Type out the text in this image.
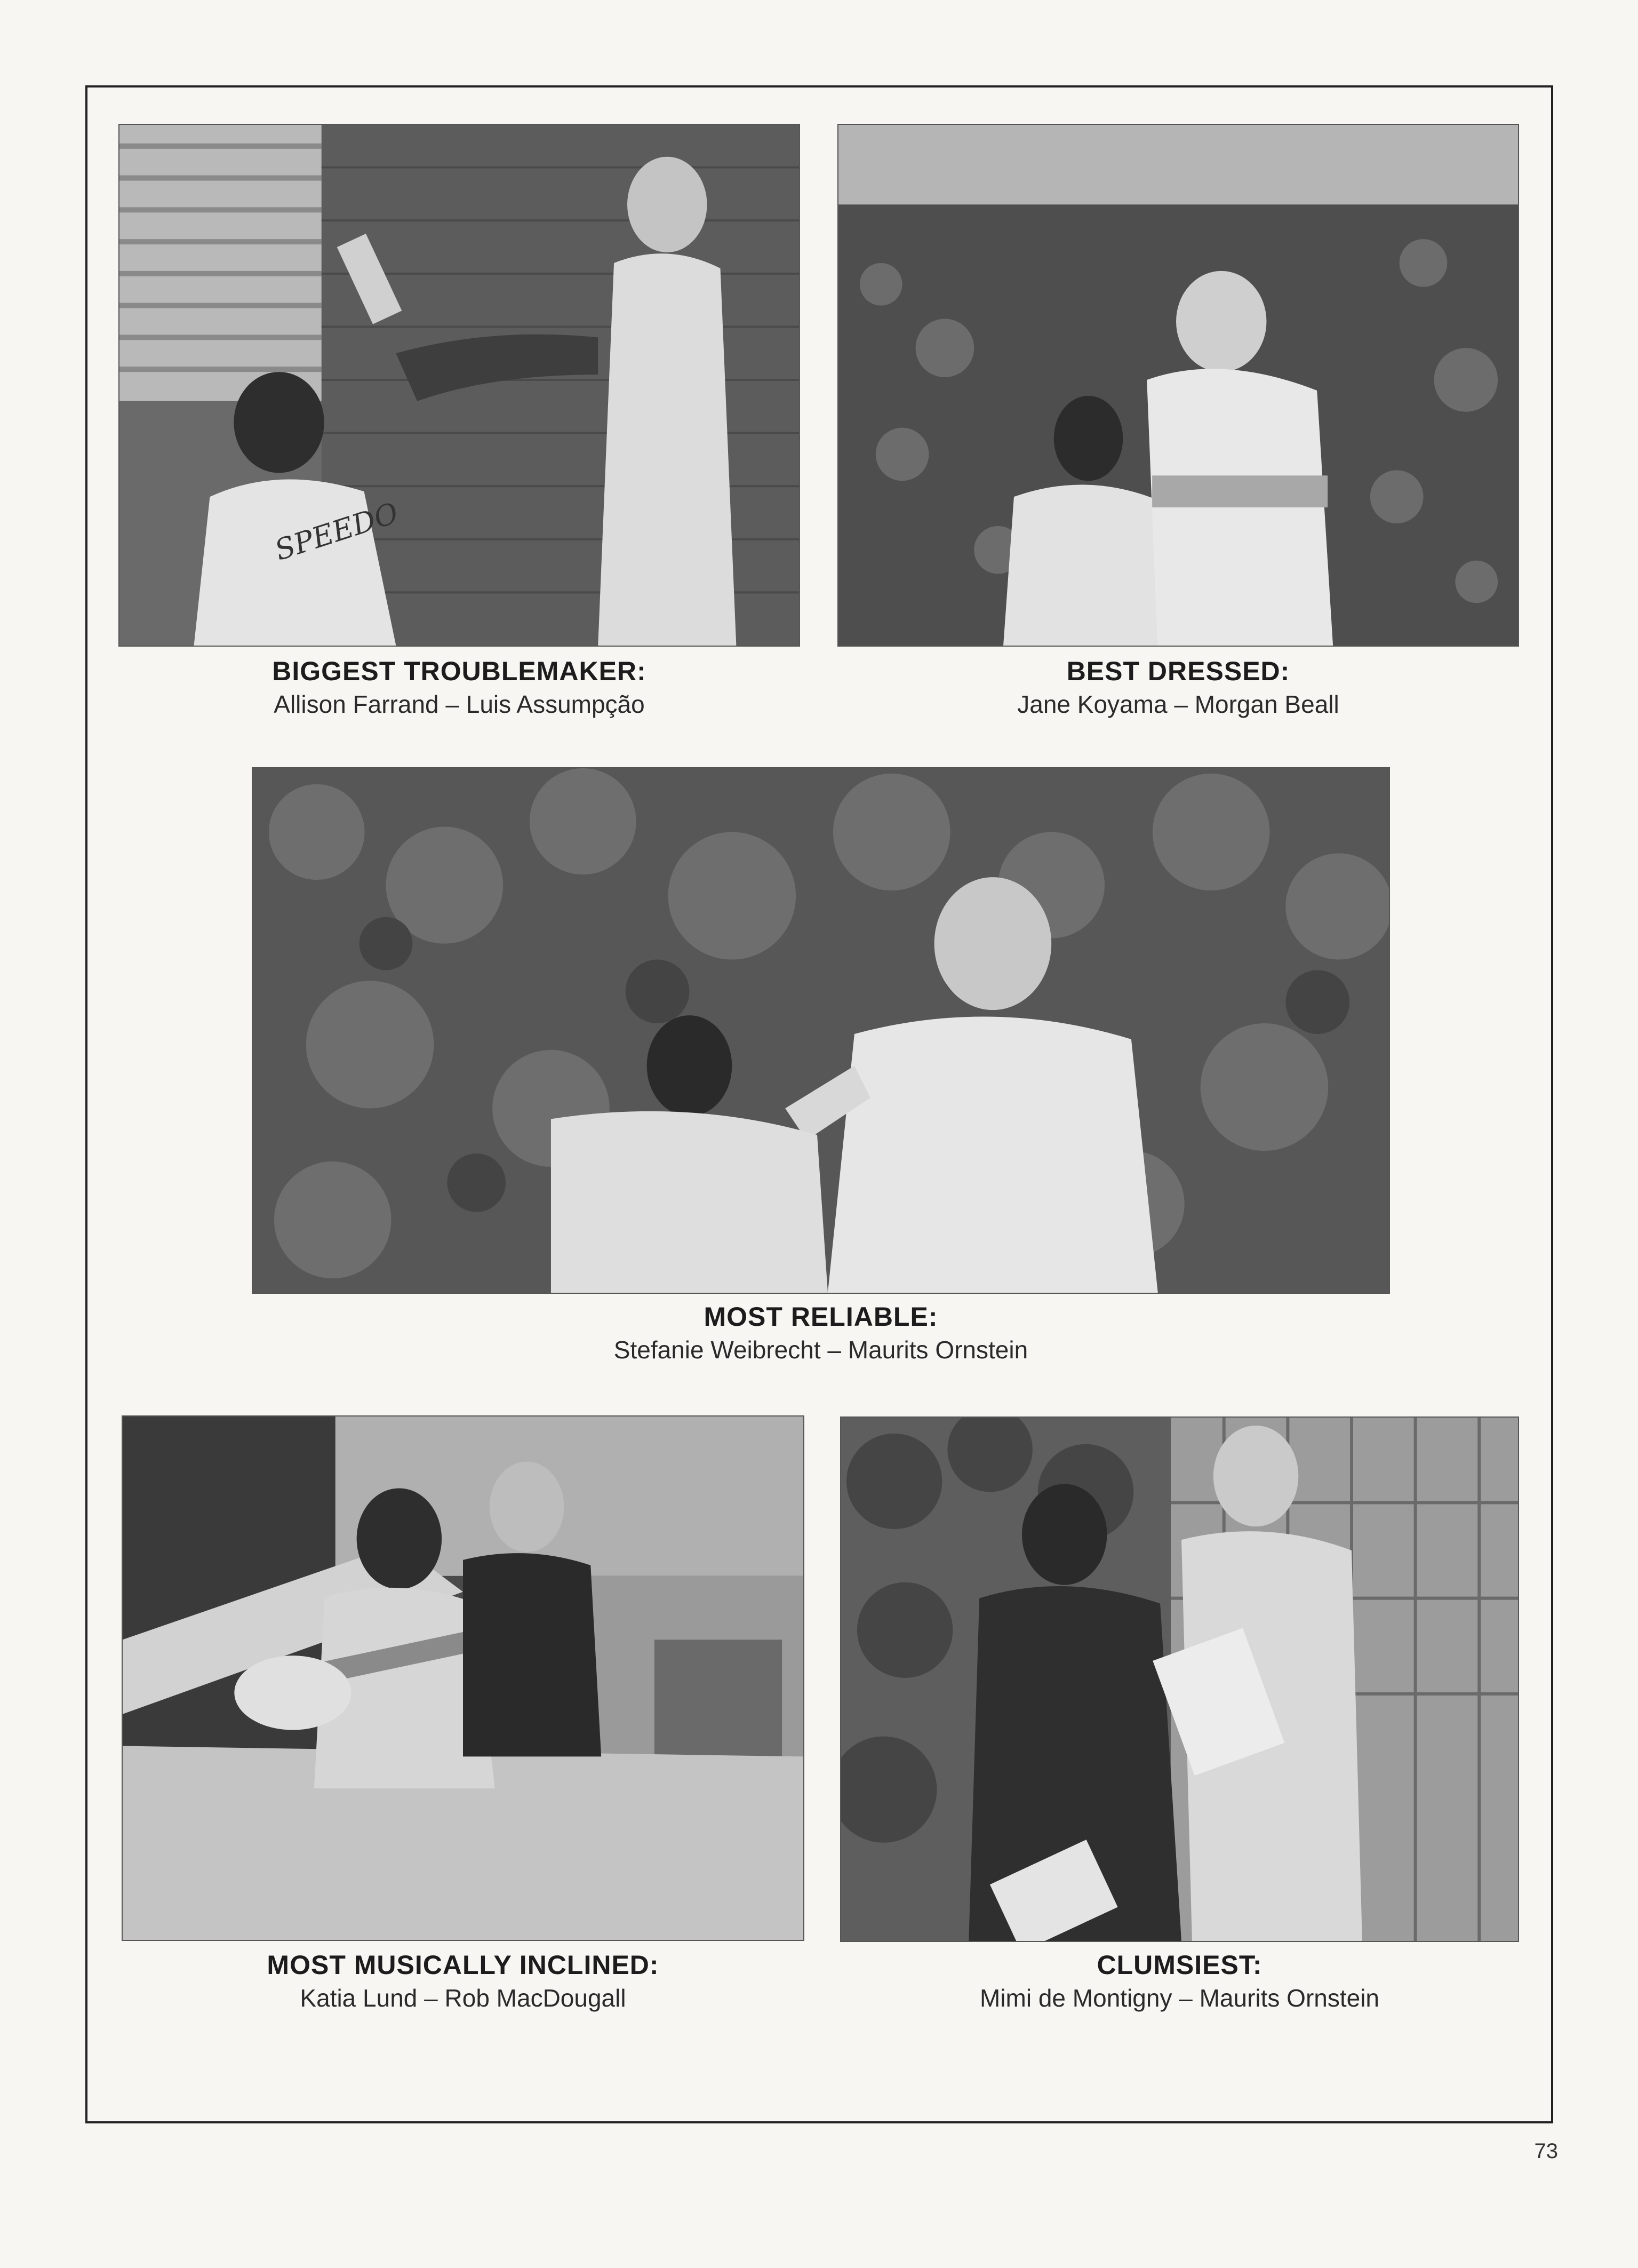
SPEEDO
BIGGEST TROUBLEMAKER:
Allison Farrand – Luis Assumpção
BEST DRESSED:
Jane Koyama – Morgan Beall
MOST RELIABLE:
Stefanie Weibrecht – Maurits Ornstein
MOST MUSICALLY INCLINED:
Katia Lund – Rob MacDougall
CLUMSIEST:
Mimi de Montigny – Maurits Ornstein
73
